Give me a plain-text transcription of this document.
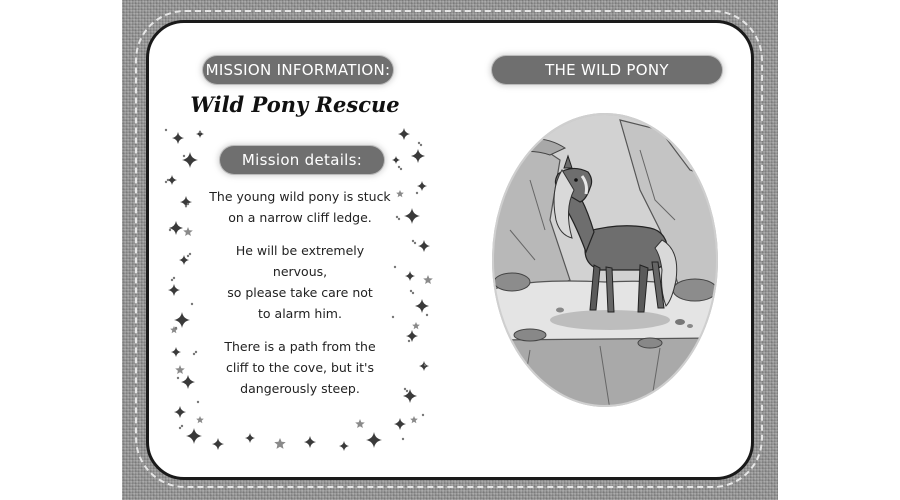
MISSION INFORMATION:
Wild Pony Rescue
Mission details:

The young wild pony is stuck
on a narrow cliff ledge.

He will be extremely nervous,
so please take care not
to alarm him.

There is a path from the
cliff to the cove, but it's
dangerously steep.

THE WILD PONY
